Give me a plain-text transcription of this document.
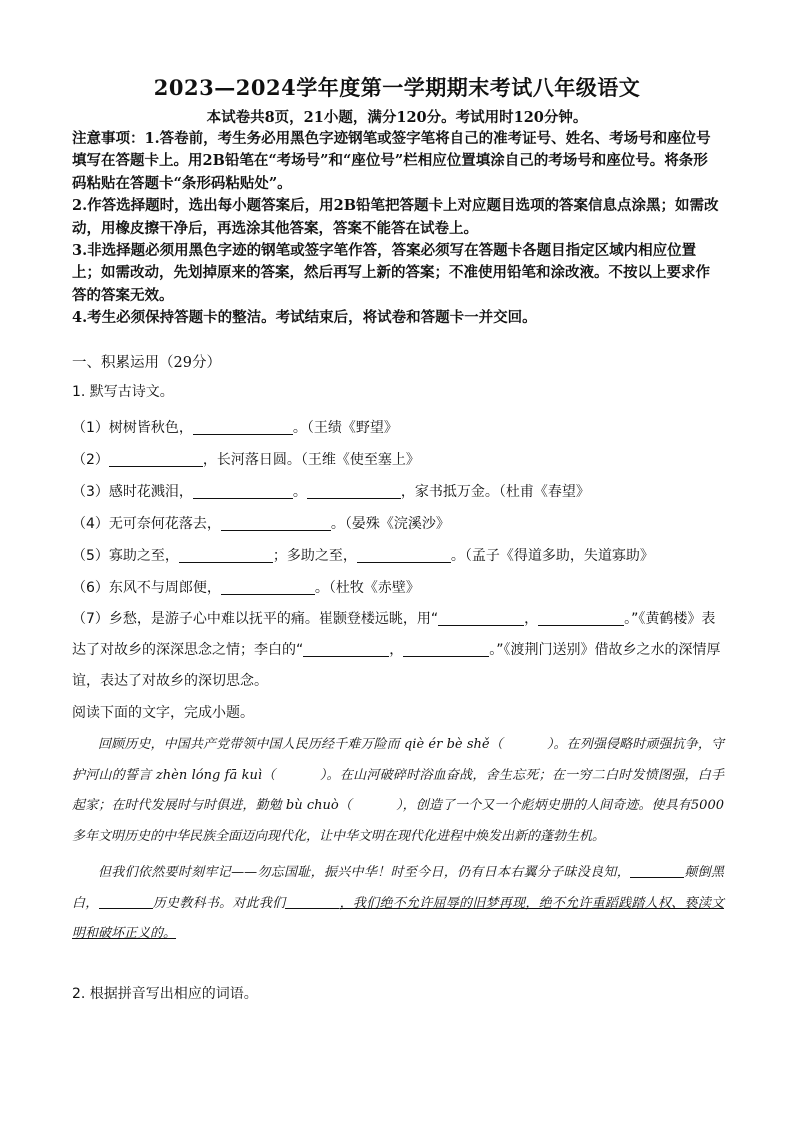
2023—2024学年度第一学期期末考试八年级语文
本试卷共8页，21小题，满分120分。考试用时120分钟。

注意事项：1.答卷前，考生务必用黑色字迹钢笔或签字笔将自己的准考证号、姓名、考场号和座位号填写在答题卡上。用2B铅笔在“考场号”和“座位号”栏相应位置填涂自己的考场号和座位号。将条形码粘贴在答题卡“条形码粘贴处”。

2.作答选择题时，选出每小题答案后，用2B铅笔把答题卡上对应题目选项的答案信息点涂黑；如需改动，用橡皮擦干净后，再选涂其他答案，答案不能答在试卷上。

3.非选择题必须用黑色字迹的钢笔或签字笔作答，答案必须写在答题卡各题目指定区域内相应位置上；如需改动，先划掉原来的答案，然后再写上新的答案；不准使用铅笔和涂改液。不按以上要求作答的答案无效。

4.考生必须保持答题卡的整洁。考试结束后，将试卷和答题卡一并交回。

一、积累运用（29分）
1. 默写古诗文。
（1）树树皆秋色，	。（王绩《野望》
（2）	，长河落日圆。（王维《使至塞上》
（3）感时花溅泪，	。	，家书抵万金。（杜甫《春望》
（4）无可奈何花落去，	。（晏殊《浣溪沙》
（5）寡助之至，	；多助之至，	。（孟子《得道多助，失道寡助》
（6）东风不与周郎便，	。（杜牧《赤壁》
（7）乡愁，是游子心中难以抚平的痛。崔颢登楼远眺，用“	，	。”《黄鹤楼》表达了对故乡的深深思念之情；李白的“	，	。”《渡荆门送别》借故乡之水的深情厚谊，表达了对故乡的深切思念。
阅读下面的文字，完成小题。

回顾历史，中国共产党带领中国人民历经千难万险而 qiè ér bè shě（	）。在列强侵略时顽强抗争，守护河山的誓言 zhèn lóng fā kuì（	）。在山河破碎时浴血奋战，舍生忘死；在一穷二白时发愤图强，白手起家；在时代发展时与时俱进，勤勉 bù chuò（	），创造了一个又一个彪炳史册的人间奇迹。使具有5000多年文明历史的中华民族全面迈向现代化，让中华文明在现代化进程中焕发出新的蓬勃生机。

但我们依然要时刻牢记——勿忘国耻，振兴中华！时至今日，仍有日本右翼分子昧没良知，	颠倒黑白，	历史教科书。对此我们	，我们绝不允许屈辱的旧梦再现，绝不允许重蹈践踏人权、亵渎文明和破坏正义的。

2. 根据拼音写出相应的词语。
